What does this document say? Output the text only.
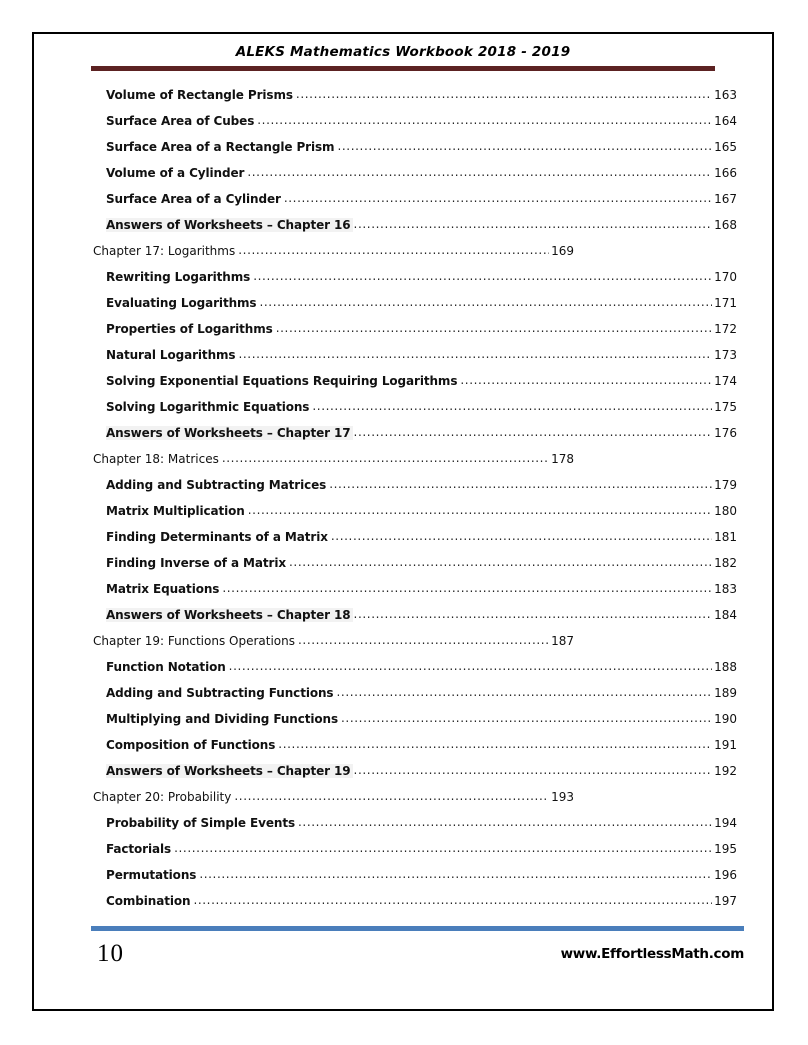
ALEKS Mathematics Workbook 2018 - 2019
Volume of Rectangle Prisms .....	163
Surface Area of Cubes .....	164
Surface Area of a Rectangle Prism .....	165
Volume of a Cylinder .....	166
Surface Area of a Cylinder .....	167
Answers of Worksheets – Chapter 16 .....	168
Chapter 17: Logarithms .....	169
Rewriting Logarithms .....	170
Evaluating Logarithms .....	171
Properties of Logarithms .....	172
Natural Logarithms .....	173
Solving Exponential Equations Requiring Logarithms .....	174
Solving Logarithmic Equations .....	175
Answers of Worksheets – Chapter 17 .....	176
Chapter 18: Matrices .....	178
Adding and Subtracting Matrices .....	179
Matrix Multiplication .....	180
Finding Determinants of a Matrix .....	181
Finding Inverse of a Matrix .....	182
Matrix Equations .....	183
Answers of Worksheets – Chapter 18 .....	184
Chapter 19: Functions Operations .....	187
Function Notation .....	188
Adding and Subtracting Functions .....	189
Multiplying and Dividing Functions .....	190
Composition of Functions .....	191
Answers of Worksheets – Chapter 19 .....	192
Chapter 20: Probability .....	193
Probability of Simple Events .....	194
Factorials .....	195
Permutations .....	196
Combination .....	197
10	www.EffortlessMath.com
